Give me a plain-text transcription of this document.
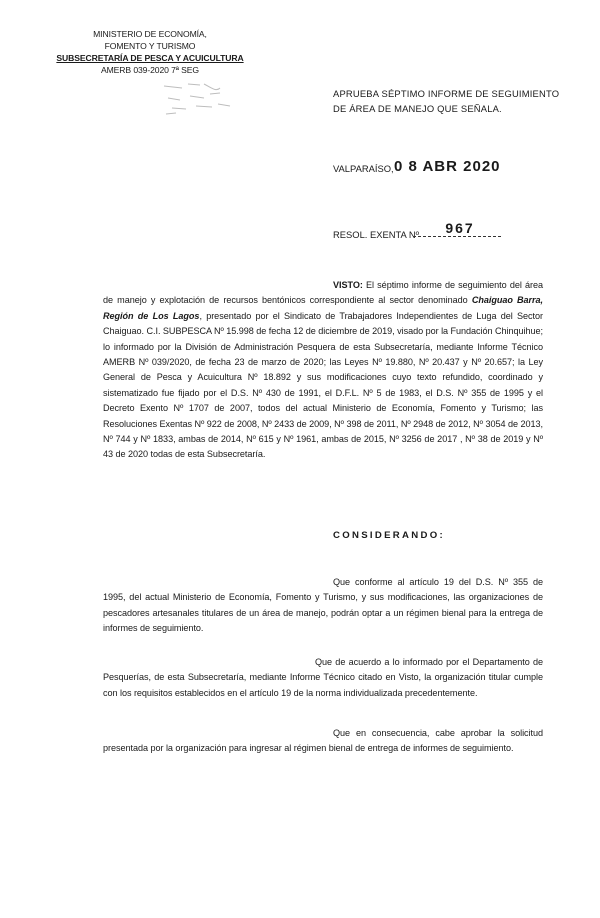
MINISTERIO DE ECONOMÍA,
FOMENTO Y TURISMO
SUBSECRETARÍA DE PESCA Y ACUICULTURA
AMERB 039-2020 7ª SEG
APRUEBA SÉPTIMO INFORME DE SEGUIMIENTO
DE ÁREA DE MANEJO QUE SEÑALA.
VALPARAÍSO, 0 8 ABR 2020
RESOL. EXENTA Nº	967
VISTO: El séptimo informe de seguimiento del área de manejo y explotación de recursos bentónicos correspondiente al sector denominado Chaiguao Barra, Región de Los Lagos, presentado por el Sindicato de Trabajadores Independientes de Luga del Sector Chaiguao. C.I. SUBPESCA Nº 15.998 de fecha 12 de diciembre de 2019, visado por la Fundación Chinquihue; lo informado por la División de Administración Pesquera de esta Subsecretaría, mediante Informe Técnico AMERB Nº 039/2020, de fecha 23 de marzo de 2020; las Leyes Nº 19.880, Nº 20.437 y Nº 20.657; la Ley General de Pesca y Acuicultura Nº 18.892 y sus modificaciones cuyo texto refundido, coordinado y sistematizado fue fijado por el D.S. Nº 430 de 1991, el D.F.L. Nº 5 de 1983, el D.S. Nº 355 de 1995 y el Decreto Exento Nº 1707 de 2007, todos del actual Ministerio de Economía, Fomento y Turismo; las Resoluciones Exentas Nº 922 de 2008, Nº 2433 de 2009, Nº 398 de 2011, Nº 2948 de 2012, Nº 3054 de 2013, Nº 744 y Nº 1833, ambas de 2014, Nº 615 y Nº 1961, ambas de 2015, Nº 3256 de 2017 , Nº 38 de 2019 y Nº 43 de 2020 todas de esta Subsecretaría.
CONSIDERANDO:
Que conforme al artículo 19 del D.S. Nº 355 de 1995, del actual Ministerio de Economía, Fomento y Turismo, y sus modificaciones, las organizaciones de pescadores artesanales titulares de un área de manejo, podrán optar a un régimen bienal para la entrega de informes de seguimiento.
Que de acuerdo a lo informado por el Departamento de Pesquerías, de esta Subsecretaría, mediante Informe Técnico citado en Visto, la organización titular cumple con los requisitos establecidos en el artículo 19 de la norma individualizada precedentemente.
Que en consecuencia, cabe aprobar la solicitud presentada por la organización para ingresar al régimen bienal de entrega de informes de seguimiento.
